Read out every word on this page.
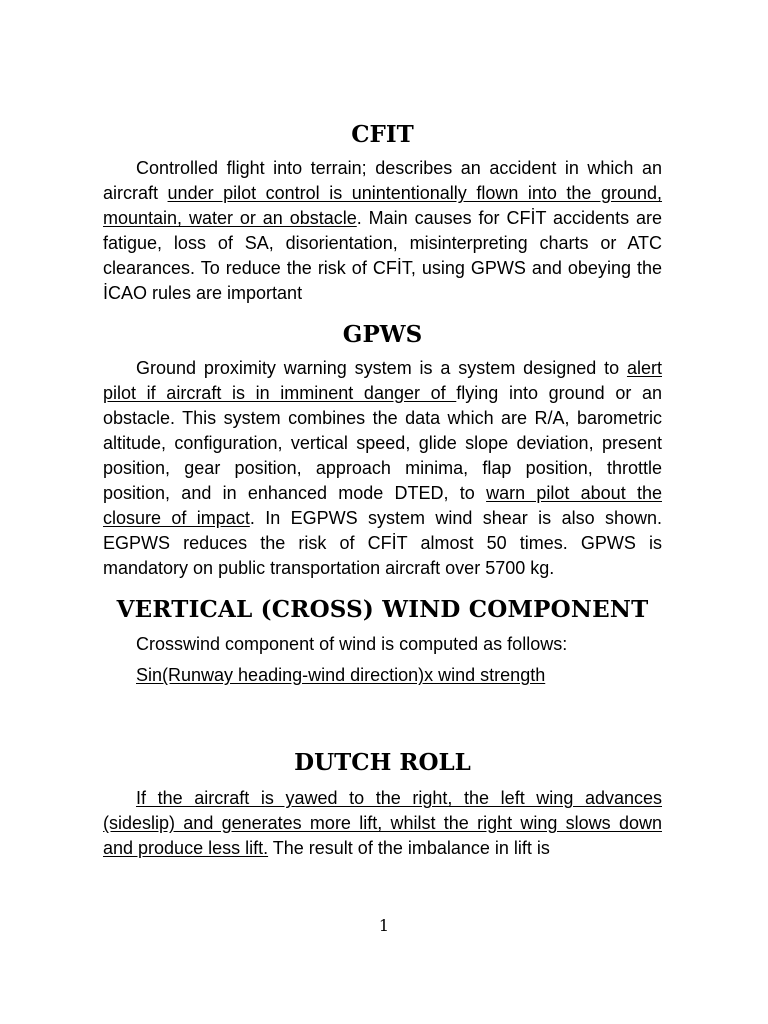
CFIT

Controlled flight into terrain; describes an accident in which an aircraft under pilot control is unintentionally flown into the ground, mountain, water or an obstacle. Main causes for CFİT accidents are fatigue, loss of SA, disorientation, misinterpreting charts or ATC clearances. To reduce the risk of CFİT, using GPWS and obeying the İCAO rules are important

GPWS

Ground proximity warning system is a system designed to alert pilot if aircraft is in imminent danger of flying into ground or an obstacle. This system combines the data which are R/A, barometric altitude, configuration, vertical speed, glide slope deviation, present position, gear position, approach minima, flap position, throttle position, and in enhanced mode DTED, to warn pilot about the closure of impact. In EGPWS system wind shear is also shown. EGPWS reduces the risk of CFİT almost 50 times. GPWS is mandatory on public transportation aircraft over 5700 kg.

VERTICAL (CROSS) WIND COMPONENT

Crosswind component of wind is computed as follows:

Sin(Runway heading-wind direction)x wind strength

DUTCH ROLL

If the aircraft is yawed to the right, the left wing advances (sideslip) and generates more lift, whilst the right wing slows down and produce less lift. The result of the imbalance in lift is

1
